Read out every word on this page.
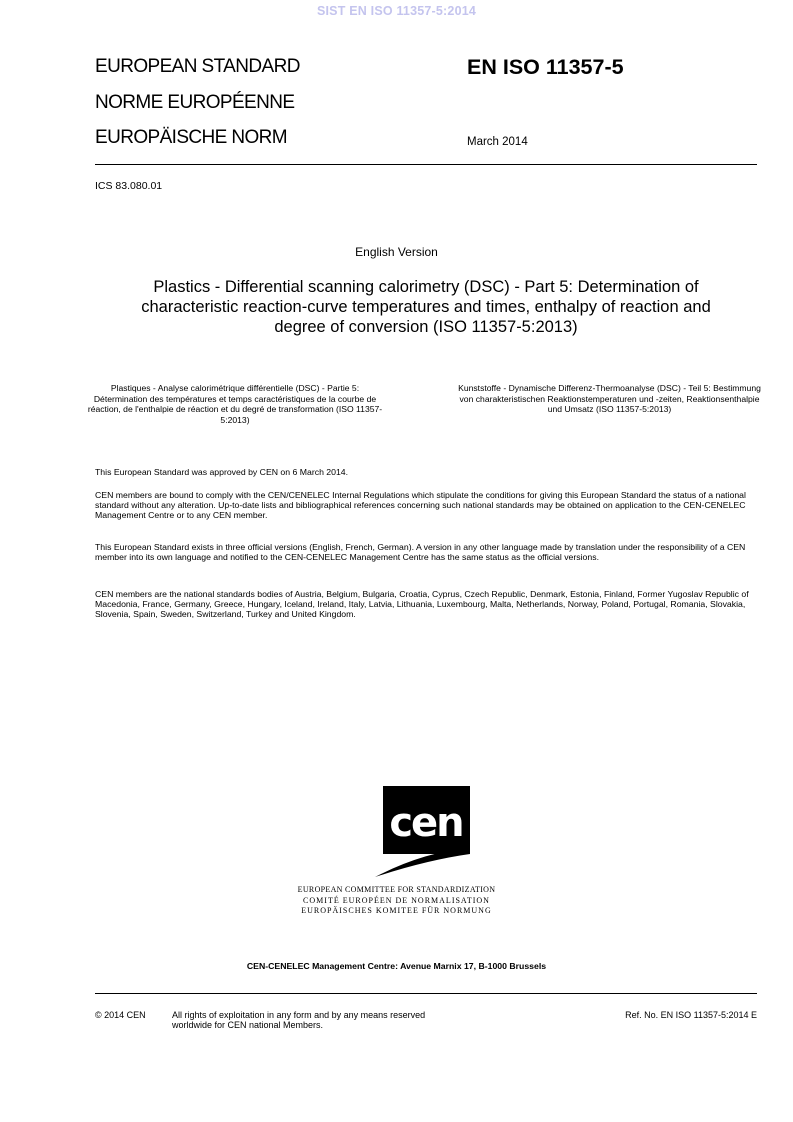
SIST EN ISO 11357-5:2014
EUROPEAN STANDARD
NORME EUROPÉENNE
EUROPÄISCHE NORM
EN ISO 11357-5
March 2014
ICS 83.080.01
English Version
Plastics - Differential scanning calorimetry (DSC) - Part 5: Determination of characteristic reaction-curve temperatures and times, enthalpy of reaction and degree of conversion (ISO 11357-5:2013)
Plastiques - Analyse calorimétrique différentielle (DSC) - Partie 5: Détermination des températures et temps caractéristiques de la courbe de réaction, de l'enthalpie de réaction et du degré de transformation (ISO 11357-5:2013)
Kunststoffe - Dynamische Differenz-Thermoanalyse (DSC) - Teil 5: Bestimmung von charakteristischen Reaktionstemperaturen und -zeiten, Reaktionsenthalpie und Umsatz (ISO 11357-5:2013)
This European Standard was approved by CEN on 6 March 2014.
CEN members are bound to comply with the CEN/CENELEC Internal Regulations which stipulate the conditions for giving this European Standard the status of a national standard without any alteration. Up-to-date lists and bibliographical references concerning such national standards may be obtained on application to the CEN-CENELEC Management Centre or to any CEN member.
This European Standard exists in three official versions (English, French, German). A version in any other language made by translation under the responsibility of a CEN member into its own language and notified to the CEN-CENELEC Management Centre has the same status as the official versions.
CEN members are the national standards bodies of Austria, Belgium, Bulgaria, Croatia, Cyprus, Czech Republic, Denmark, Estonia, Finland, Former Yugoslav Republic of Macedonia, France, Germany, Greece, Hungary, Iceland, Ireland, Italy, Latvia, Lithuania, Luxembourg, Malta, Netherlands, Norway, Poland, Portugal, Romania, Slovakia, Slovenia, Spain, Sweden, Switzerland, Turkey and United Kingdom.
cen
EUROPEAN COMMITTEE FOR STANDARDIZATION
COMITÉ EUROPÉEN DE NORMALISATION
EUROPÄISCHES KOMITEE FÜR NORMUNG
CEN-CENELEC Management Centre: Avenue Marnix 17, B-1000 Brussels
© 2014 CEN	All rights of exploitation in any form and by any means reserved
worldwide for CEN national Members.
Ref. No. EN ISO 11357-5:2014 E
